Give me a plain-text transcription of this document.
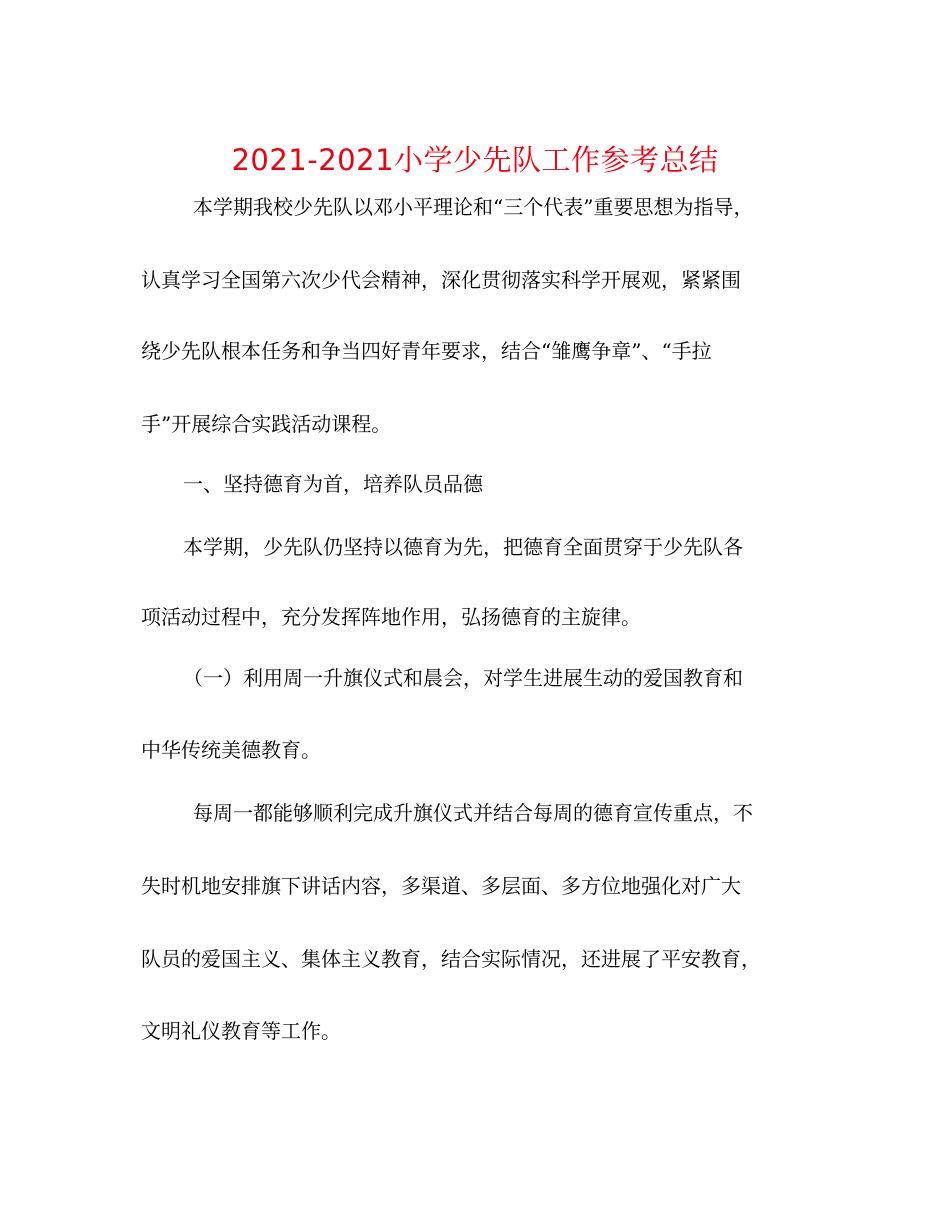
2021-2021小学少先队工作参考总结
本学期我校少先队以邓小平理论和“三个代表”重要思想为指导，
认真学习全国第六次少代会精神，深化贯彻落实科学开展观，紧紧围
绕少先队根本任务和争当四好青年要求，结合“雏鹰争章”、“手拉
手”开展综合实践活动课程。
一、坚持德育为首，培养队员品德
本学期，少先队仍坚持以德育为先，把德育全面贯穿于少先队各
项活动过程中，充分发挥阵地作用，弘扬德育的主旋律。
（一）利用周一升旗仪式和晨会，对学生进展生动的爱国教育和
中华传统美德教育。
每周一都能够顺利完成升旗仪式并结合每周的德育宣传重点，不
失时机地安排旗下讲话内容，多渠道、多层面、多方位地强化对广大
队员的爱国主义、集体主义教育，结合实际情况，还进展了平安教育，
文明礼仪教育等工作。
